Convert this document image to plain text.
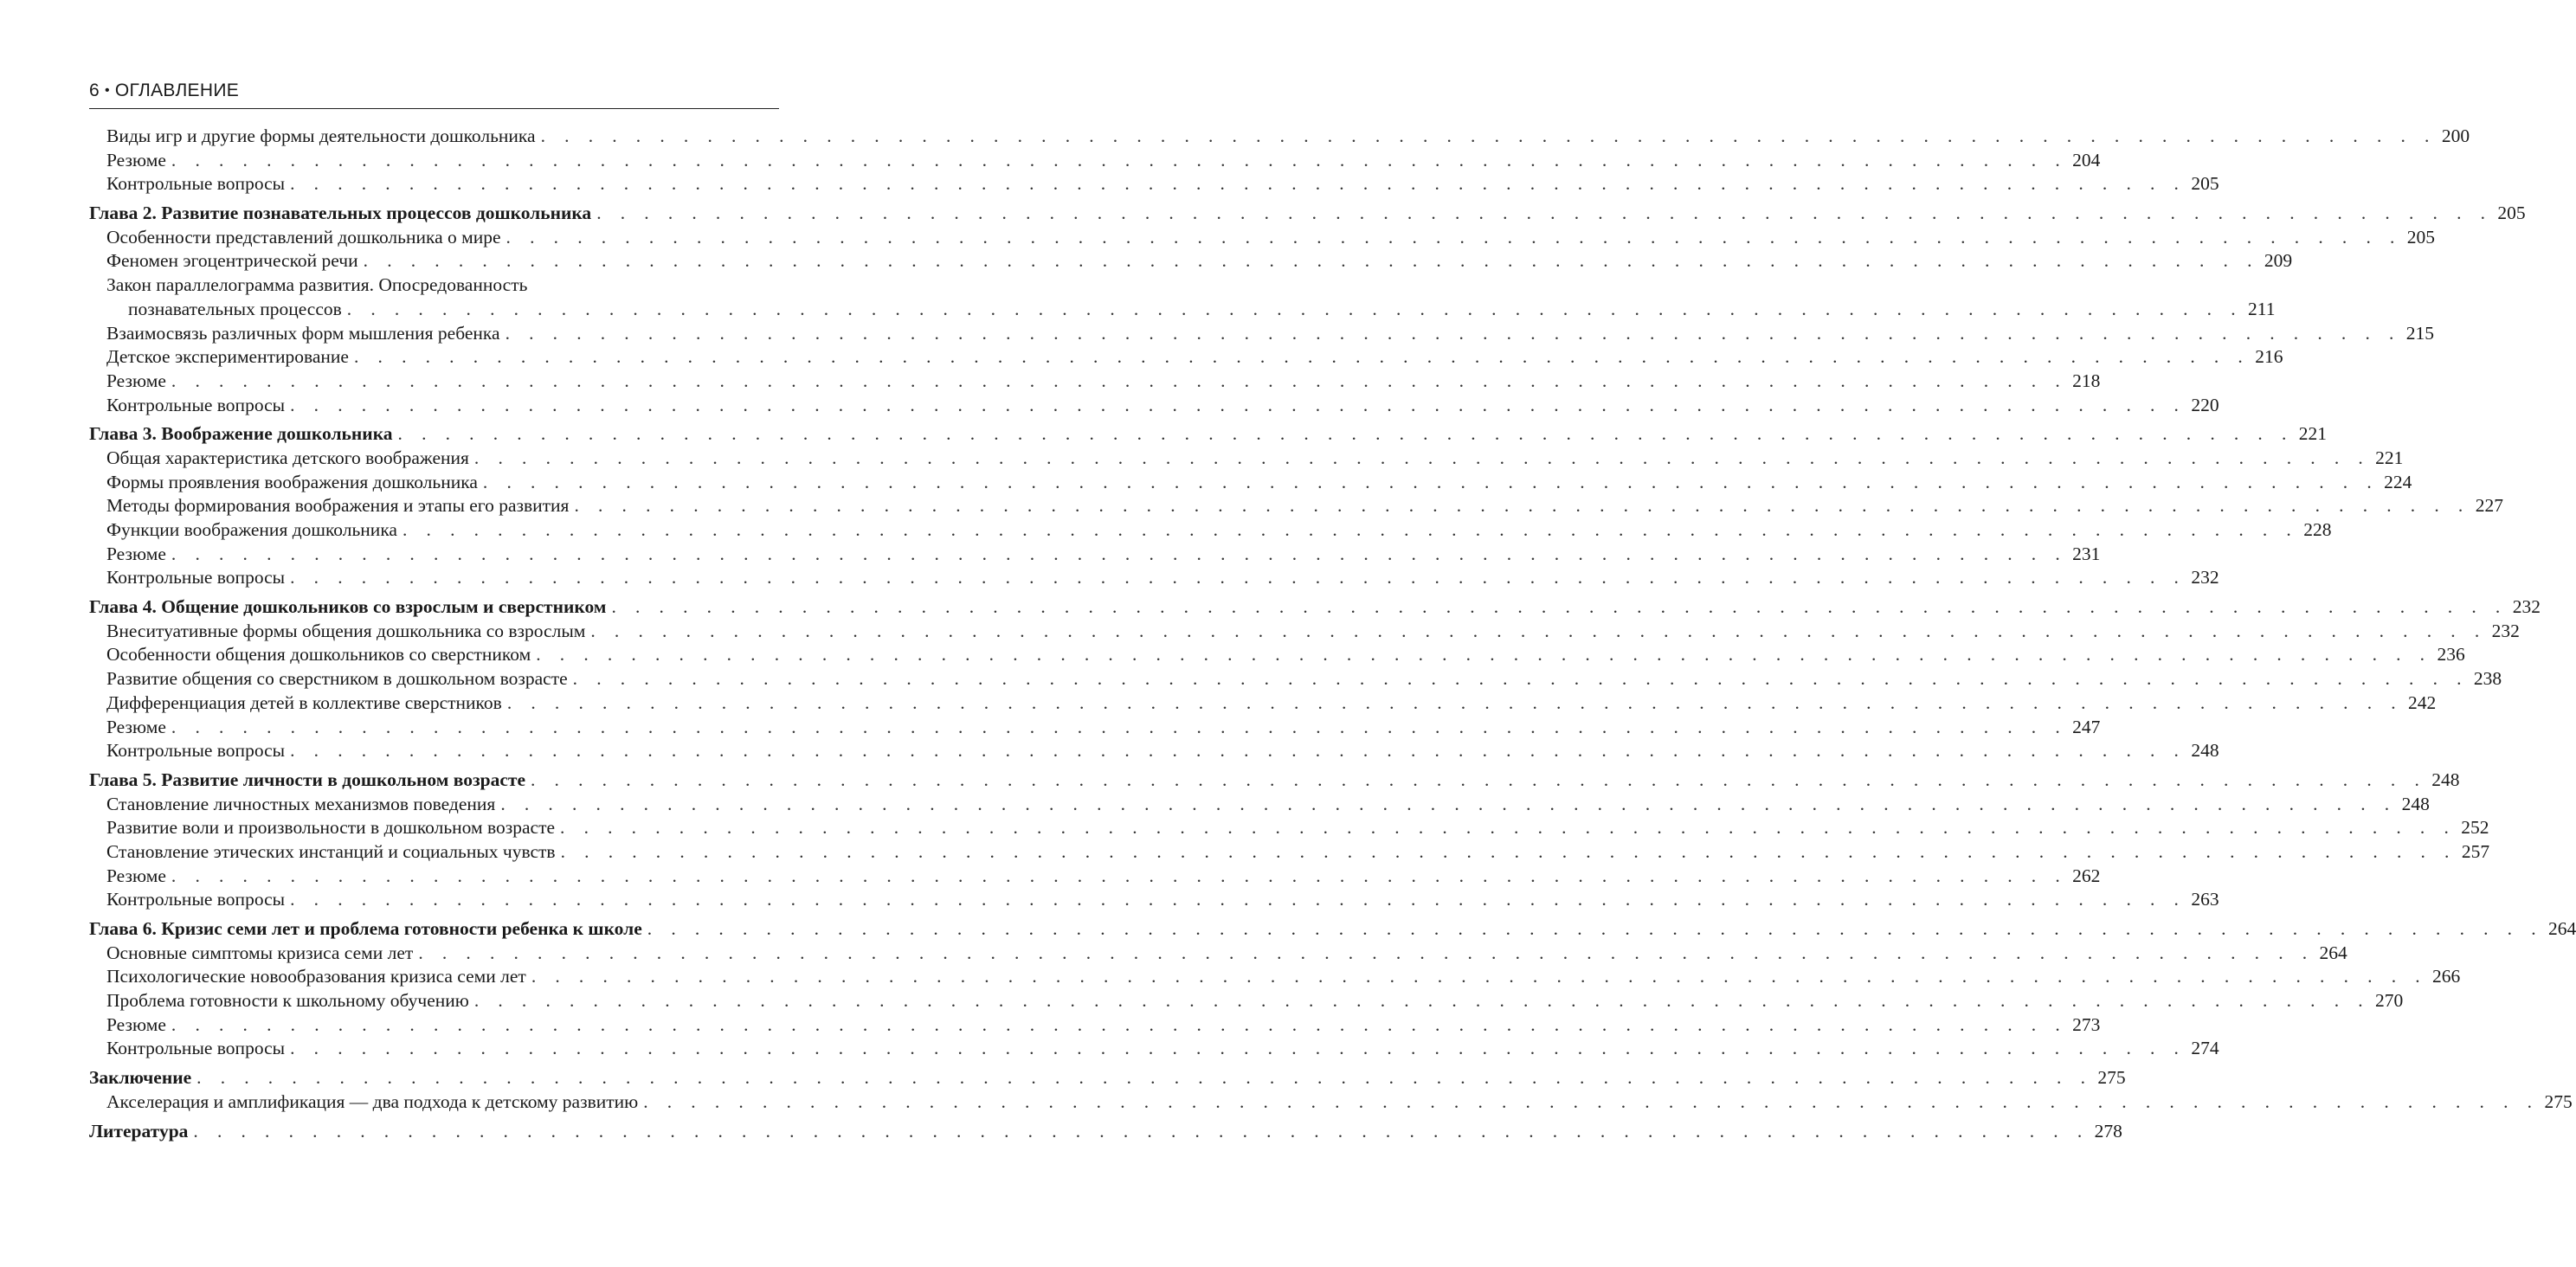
6 • ОГЛАВЛЕНИЕ
Виды игр и другие формы деятельности дошкольника . . . . . . . . . . . . . . . . . . . . . . . . . . . . . . . . . . . . . . . . . . . . . . . . . . . . . . . . . . . . . . . . . . . . . . . . . . . . . . . . 200
Резюме . . . . . . . . . . . . . . . . . . . . . . . . . . . . . . . . . . . . . . . . . . . . . . . . . . . . . . . . . . . . . . . . . . . . . . . . . . . . . . . . 204
Контрольные вопросы . . . . . . . . . . . . . . . . . . . . . . . . . . . . . . . . . . . . . . . . . . . . . . . . . . . . . . . . . . . . . . . . . . . . . . . . . . . . . . . . 205
Глава 2. Развитие познавательных процессов дошкольника . . . . . . . . . . . . . . . . . . . . . . . . . . . . . . . . . . . . . . . . . . . . . . . . . . . . . . . . . . . . . . . . . . . . . . . . . . . . . . . . 205
Особенности представлений дошкольника о мире . . . . . . . . . . . . . . . . . . . . . . . . . . . . . . . . . . . . . . . . . . . . . . . . . . . . . . . . . . . . . . . . . . . . . . . . . . . . . . . . 205
Феномен эгоцентрической речи . . . . . . . . . . . . . . . . . . . . . . . . . . . . . . . . . . . . . . . . . . . . . . . . . . . . . . . . . . . . . . . . . . . . . . . . . . . . . . . . 209
Закон параллелограмма развития. Опосредованность
познавательных процессов . . . . . . . . . . . . . . . . . . . . . . . . . . . . . . . . . . . . . . . . . . . . . . . . . . . . . . . . . . . . . . . . . . . . . . . . . . . . . . . . 211
Взаимосвязь различных форм мышления ребенка . . . . . . . . . . . . . . . . . . . . . . . . . . . . . . . . . . . . . . . . . . . . . . . . . . . . . . . . . . . . . . . . . . . . . . . . . . . . . . . . 215
Детское экспериментирование . . . . . . . . . . . . . . . . . . . . . . . . . . . . . . . . . . . . . . . . . . . . . . . . . . . . . . . . . . . . . . . . . . . . . . . . . . . . . . . . 216
Резюме . . . . . . . . . . . . . . . . . . . . . . . . . . . . . . . . . . . . . . . . . . . . . . . . . . . . . . . . . . . . . . . . . . . . . . . . . . . . . . . . 218
Контрольные вопросы . . . . . . . . . . . . . . . . . . . . . . . . . . . . . . . . . . . . . . . . . . . . . . . . . . . . . . . . . . . . . . . . . . . . . . . . . . . . . . . . 220
Глава 3. Воображение дошкольника . . . . . . . . . . . . . . . . . . . . . . . . . . . . . . . . . . . . . . . . . . . . . . . . . . . . . . . . . . . . . . . . . . . . . . . . . . . . . . . . 221
Общая характеристика детского воображения . . . . . . . . . . . . . . . . . . . . . . . . . . . . . . . . . . . . . . . . . . . . . . . . . . . . . . . . . . . . . . . . . . . . . . . . . . . . . . . . 221
Формы проявления воображения дошкольника . . . . . . . . . . . . . . . . . . . . . . . . . . . . . . . . . . . . . . . . . . . . . . . . . . . . . . . . . . . . . . . . . . . . . . . . . . . . . . . . 224
Методы формирования воображения и этапы его развития . . . . . . . . . . . . . . . . . . . . . . . . . . . . . . . . . . . . . . . . . . . . . . . . . . . . . . . . . . . . . . . . . . . . . . . . . . . . . . . . 227
Функции воображения дошкольника . . . . . . . . . . . . . . . . . . . . . . . . . . . . . . . . . . . . . . . . . . . . . . . . . . . . . . . . . . . . . . . . . . . . . . . . . . . . . . . . 228
Резюме . . . . . . . . . . . . . . . . . . . . . . . . . . . . . . . . . . . . . . . . . . . . . . . . . . . . . . . . . . . . . . . . . . . . . . . . . . . . . . . . 231
Контрольные вопросы . . . . . . . . . . . . . . . . . . . . . . . . . . . . . . . . . . . . . . . . . . . . . . . . . . . . . . . . . . . . . . . . . . . . . . . . . . . . . . . . 232
Глава 4. Общение дошкольников со взрослым и сверстником . . . . . . . . . . . . . . . . . . . . . . . . . . . . . . . . . . . . . . . . . . . . . . . . . . . . . . . . . . . . . . . . . . . . . . . . . . . . . . . . 232
Внеситуативные формы общения дошкольника со взрослым . . . . . . . . . . . . . . . . . . . . . . . . . . . . . . . . . . . . . . . . . . . . . . . . . . . . . . . . . . . . . . . . . . . . . . . . . . . . . . . . 232
Особенности общения дошкольников со сверстником . . . . . . . . . . . . . . . . . . . . . . . . . . . . . . . . . . . . . . . . . . . . . . . . . . . . . . . . . . . . . . . . . . . . . . . . . . . . . . . . 236
Развитие общения со сверстником в дошкольном возрасте . . . . . . . . . . . . . . . . . . . . . . . . . . . . . . . . . . . . . . . . . . . . . . . . . . . . . . . . . . . . . . . . . . . . . . . . . . . . . . . . 238
Дифференциация детей в коллективе сверстников . . . . . . . . . . . . . . . . . . . . . . . . . . . . . . . . . . . . . . . . . . . . . . . . . . . . . . . . . . . . . . . . . . . . . . . . . . . . . . . . 242
Резюме . . . . . . . . . . . . . . . . . . . . . . . . . . . . . . . . . . . . . . . . . . . . . . . . . . . . . . . . . . . . . . . . . . . . . . . . . . . . . . . . 247
Контрольные вопросы . . . . . . . . . . . . . . . . . . . . . . . . . . . . . . . . . . . . . . . . . . . . . . . . . . . . . . . . . . . . . . . . . . . . . . . . . . . . . . . . 248
Глава 5. Развитие личности в дошкольном возрасте . . . . . . . . . . . . . . . . . . . . . . . . . . . . . . . . . . . . . . . . . . . . . . . . . . . . . . . . . . . . . . . . . . . . . . . . . . . . . . . . 248
Становление личностных механизмов поведения . . . . . . . . . . . . . . . . . . . . . . . . . . . . . . . . . . . . . . . . . . . . . . . . . . . . . . . . . . . . . . . . . . . . . . . . . . . . . . . . 248
Развитие воли и произвольности в дошкольном возрасте . . . . . . . . . . . . . . . . . . . . . . . . . . . . . . . . . . . . . . . . . . . . . . . . . . . . . . . . . . . . . . . . . . . . . . . . . . . . . . . . 252
Становление этических инстанций и социальных чувств . . . . . . . . . . . . . . . . . . . . . . . . . . . . . . . . . . . . . . . . . . . . . . . . . . . . . . . . . . . . . . . . . . . . . . . . . . . . . . . . 257
Резюме . . . . . . . . . . . . . . . . . . . . . . . . . . . . . . . . . . . . . . . . . . . . . . . . . . . . . . . . . . . . . . . . . . . . . . . . . . . . . . . . 262
Контрольные вопросы . . . . . . . . . . . . . . . . . . . . . . . . . . . . . . . . . . . . . . . . . . . . . . . . . . . . . . . . . . . . . . . . . . . . . . . . . . . . . . . . 263
Глава 6. Кризис семи лет и проблема готовности ребенка к школе . . . . . . . . . . . . . . . . . . . . . . . . . . . . . . . . . . . . . . . . . . . . . . . . . . . . . . . . . . . . . . . . . . . . . . . . . . . . . . . . 264
Основные симптомы кризиса семи лет . . . . . . . . . . . . . . . . . . . . . . . . . . . . . . . . . . . . . . . . . . . . . . . . . . . . . . . . . . . . . . . . . . . . . . . . . . . . . . . . 264
Психологические новообразования кризиса семи лет . . . . . . . . . . . . . . . . . . . . . . . . . . . . . . . . . . . . . . . . . . . . . . . . . . . . . . . . . . . . . . . . . . . . . . . . . . . . . . . . 266
Проблема готовности к школьному обучению . . . . . . . . . . . . . . . . . . . . . . . . . . . . . . . . . . . . . . . . . . . . . . . . . . . . . . . . . . . . . . . . . . . . . . . . . . . . . . . . 270
Резюме . . . . . . . . . . . . . . . . . . . . . . . . . . . . . . . . . . . . . . . . . . . . . . . . . . . . . . . . . . . . . . . . . . . . . . . . . . . . . . . . 273
Контрольные вопросы . . . . . . . . . . . . . . . . . . . . . . . . . . . . . . . . . . . . . . . . . . . . . . . . . . . . . . . . . . . . . . . . . . . . . . . . . . . . . . . . 274
Заключение . . . . . . . . . . . . . . . . . . . . . . . . . . . . . . . . . . . . . . . . . . . . . . . . . . . . . . . . . . . . . . . . . . . . . . . . . . . . . . . . 275
Акселерация и амплификация — два подхода к детскому развитию . . . . . . . . . . . . . . . . . . . . . . . . . . . . . . . . . . . . . . . . . . . . . . . . . . . . . . . . . . . . . . . . . . . . . . . . . . . . . . . . 275
Литература . . . . . . . . . . . . . . . . . . . . . . . . . . . . . . . . . . . . . . . . . . . . . . . . . . . . . . . . . . . . . . . . . . . . . . . . . . . . . . . . 278
